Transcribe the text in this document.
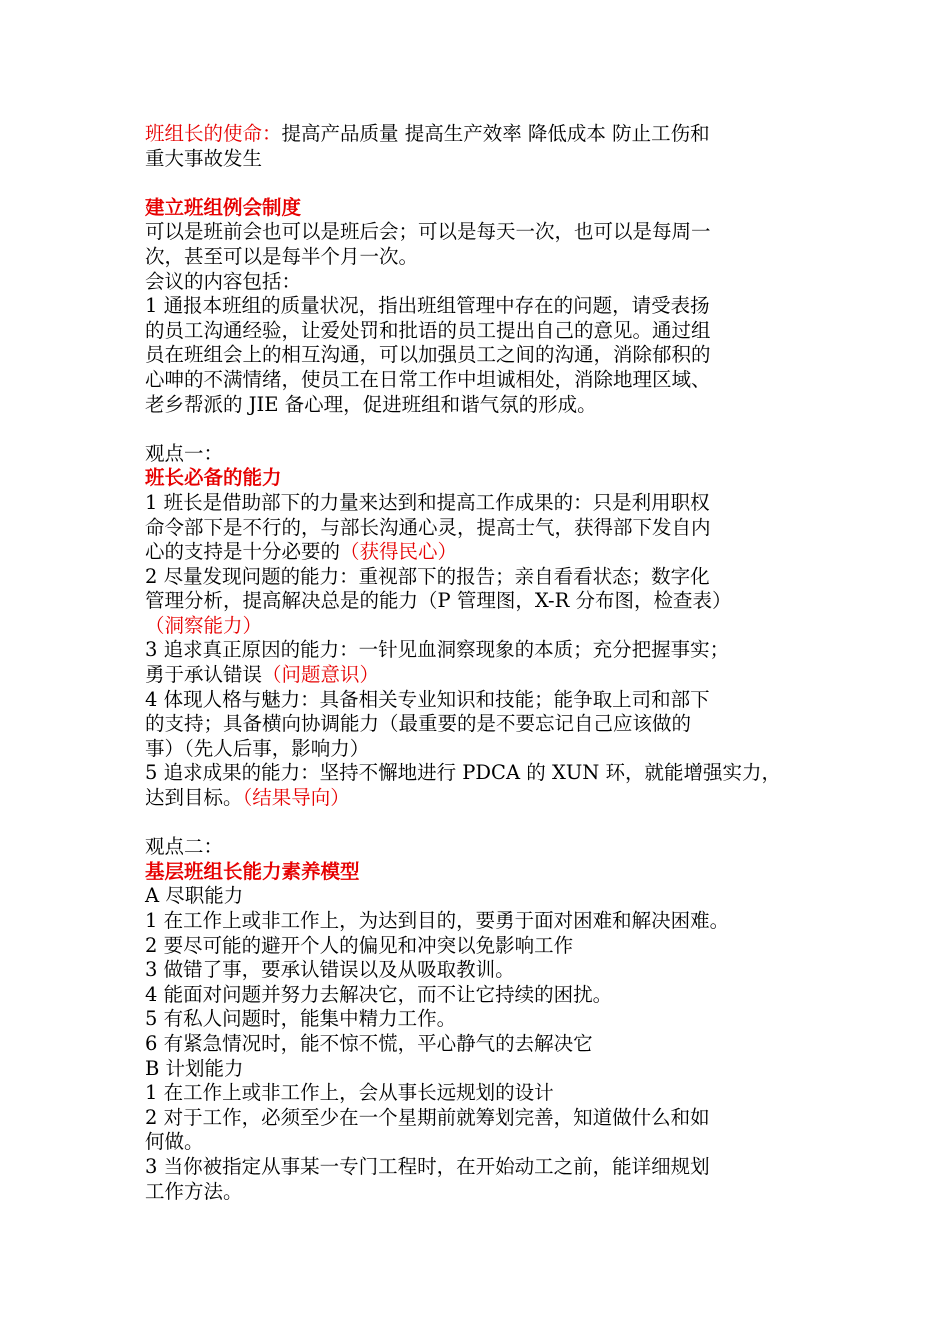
班组长的使命：提高产品质量 提高生产效率 降低成本 防止工伤和
重大事故发生
建立班组例会制度
可以是班前会也可以是班后会；可以是每天一次，也可以是每周一
次，甚至可以是每半个月一次。
会议的内容包括：
1 通报本班组的质量状况，指出班组管理中存在的问题，请受表扬
的员工沟通经验，让爱处罚和批语的员工提出自己的意见。通过组
员在班组会上的相互沟通，可以加强员工之间的沟通，消除郁积的
心呻的不满情绪，使员工在日常工作中坦诚相处，消除地理区域、
老乡帮派的 JIE 备心理，促进班组和谐气氛的形成。
观点一：
班长必备的能力
1 班长是借助部下的力量来达到和提高工作成果的：只是利用职权
命令部下是不行的，与部长沟通心灵，提高士气，获得部下发自内
心的支持是十分必要的（获得民心）
2 尽量发现问题的能力：重视部下的报告；亲自看看状态；数字化
管理分析，提高解决总是的能力（P 管理图，X-R 分布图，检查表）
（洞察能力）
3 追求真正原因的能力：一针见血洞察现象的本质；充分把握事实；
勇于承认错误（问题意识）
4 体现人格与魅力：具备相关专业知识和技能；能争取上司和部下
的支持；具备横向协调能力（最重要的是不要忘记自己应该做的
事）（先人后事，影响力）
5 追求成果的能力：坚持不懈地进行 PDCA 的 XUN 环，就能增强实力，
达到目标。（结果导向）
观点二：
基层班组长能力素养模型
A 尽职能力
1 在工作上或非工作上，为达到目的，要勇于面对困难和解决困难。
2 要尽可能的避开个人的偏见和冲突以免影响工作
3 做错了事，要承认错误以及从吸取教训。
4 能面对问题并努力去解决它，而不让它持续的困扰。
5 有私人问题时，能集中精力工作。
6 有紧急情况时，能不惊不慌，平心静气的去解决它
B 计划能力
1 在工作上或非工作上，会从事长远规划的设计
2 对于工作，必须至少在一个星期前就筹划完善，知道做什么和如
何做。
3 当你被指定从事某一专门工程时，在开始动工之前，能详细规划
工作方法。
